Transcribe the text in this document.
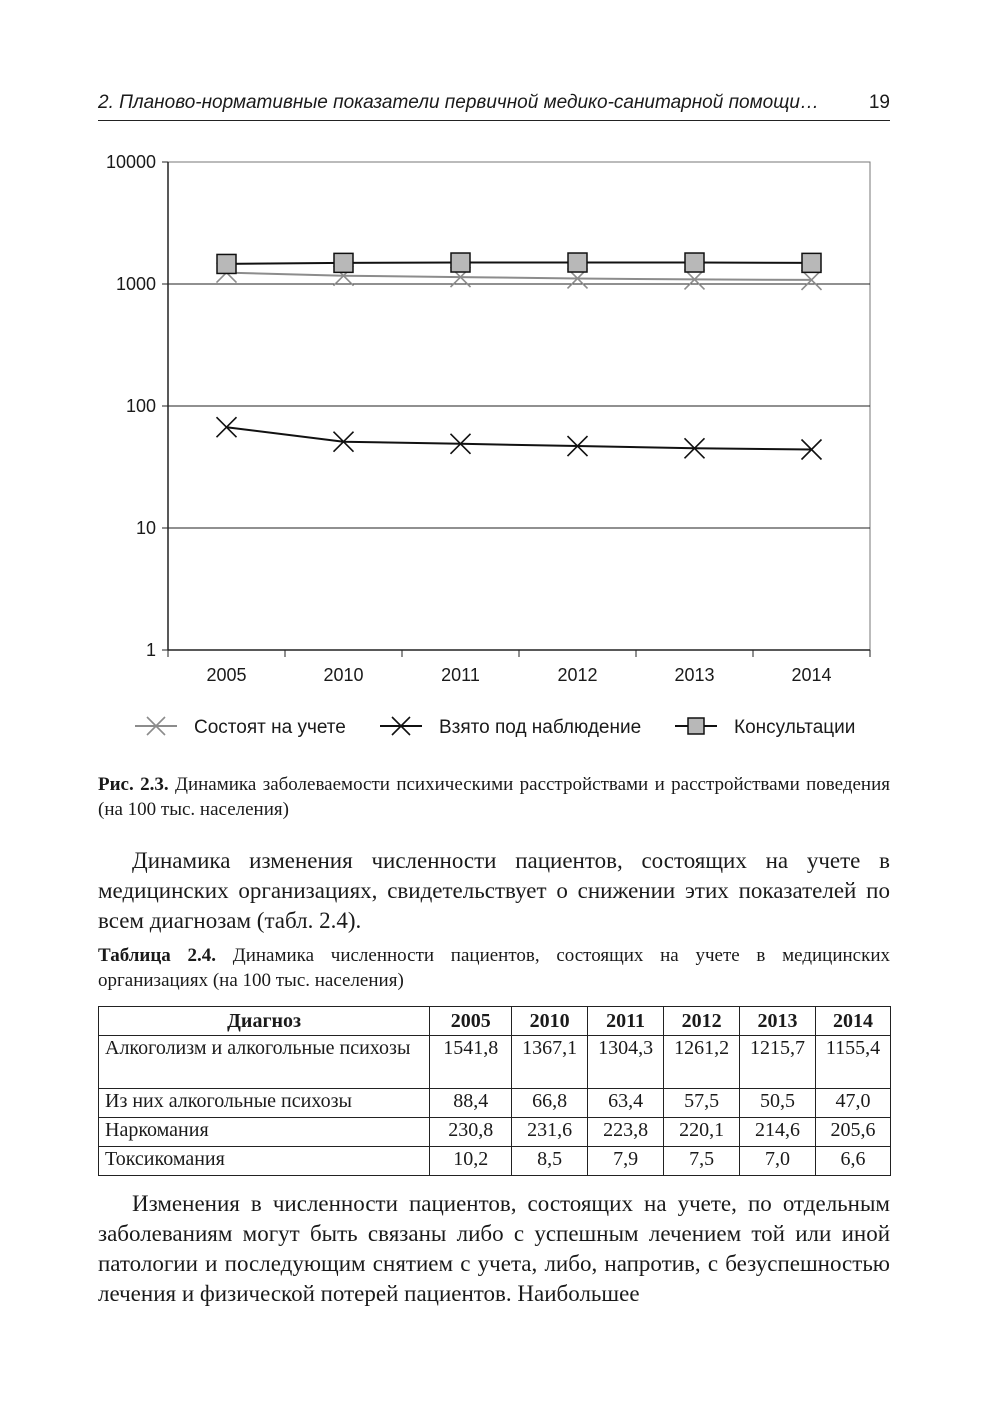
2. Планово-нормативные показатели первичной медико-санитарной помощи…	19
10000
1000
100
10
1
2005	2010	2011	2012	2013	2014
Состоят на учете	Взято под наблюдение	Консультации
Рис. 2.3. Динамика заболеваемости психическими расстройствами и расстройствами поведения (на 100 тыс. населения)

Динамика изменения численности пациентов, состоящих на учете в медицинских организациях, свидетельствует о снижении этих показателей по всем диагнозам (табл. 2.4).

Таблица 2.4. Динамика численности пациентов, состоящих на учете в медицинских организациях (на 100 тыс. населения)
Диагноз	2005	2010	2011	2012	2013	2014
Алкоголизм и алкогольные психозы	1541,8	1367,1	1304,3	1261,2	1215,7	1155,4
Из них алкогольные психозы	88,4	66,8	63,4	57,5	50,5	47,0
Наркомания	230,8	231,6	223,8	220,1	214,6	205,6
Токсикомания	10,2	8,5	7,9	7,5	7,0	6,6

Изменения в численности пациентов, состоящих на учете, по отдельным заболеваниям могут быть связаны либо с успешным лечением той или иной патологии и последующим снятием с учета, либо, напротив, с безуспешностью лечения и физической потерей пациентов. Наибольшее
